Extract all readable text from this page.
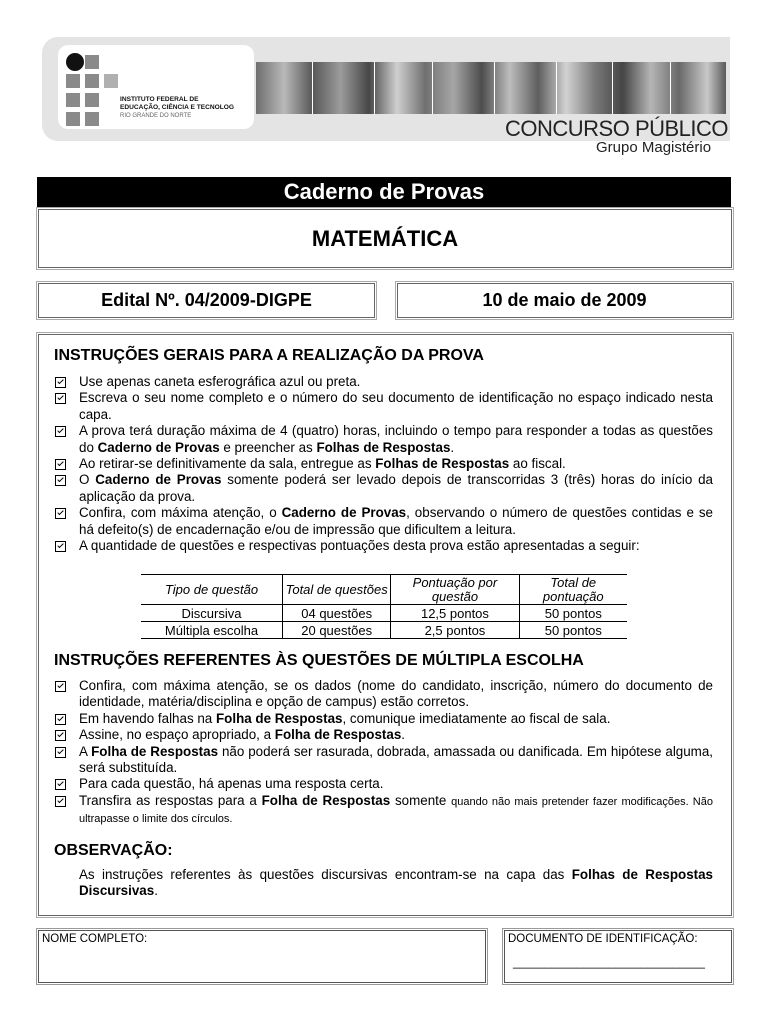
INSTITUTO FEDERAL DE
EDUCAÇÃO, CIÊNCIA E TECNOLOG
RIO GRANDE DO NORTE	CONCURSO PÚBLICO
Grupo Magistério
Caderno de Provas
MATEMÁTICA
Edital Nº. 04/2009-DIGPE	10 de maio de 2009
INSTRUÇÕES GERAIS PARA A REALIZAÇÃO DA PROVA
Use apenas caneta esferográfica azul ou preta.
Escreva o seu nome completo e o número do seu documento de identificação no espaço indicado nesta capa.
A prova terá duração máxima de 4 (quatro) horas, incluindo o tempo para responder a todas as questões do Caderno de Provas e preencher as Folhas de Respostas.
Ao retirar-se definitivamente da sala, entregue as Folhas de Respostas ao fiscal.
O Caderno de Provas somente poderá ser levado depois de transcorridas 3 (três) horas do início da aplicação da prova.
Confira, com máxima atenção, o Caderno de Provas, observando o número de questões contidas e se há defeito(s) de encadernação e/ou de impressão que dificultem a leitura.
A quantidade de questões e respectivas pontuações desta prova estão apresentadas a seguir:
Tipo de questão	Total de questões	Pontuação por questão	Total de pontuação
Discursiva	04 questões	12,5 pontos	50 pontos
Múltipla escolha	20 questões	2,5 pontos	50 pontos
INSTRUÇÕES REFERENTES ÀS QUESTÕES DE MÚLTIPLA ESCOLHA
Confira, com máxima atenção, se os dados (nome do candidato, inscrição, número do documento de identidade, matéria/disciplina e opção de campus) estão corretos.
Em havendo falhas na Folha de Respostas, comunique imediatamente ao fiscal de sala.
Assine, no espaço apropriado, a Folha de Respostas.
A Folha de Respostas não poderá ser rasurada, dobrada, amassada ou danificada. Em hipótese alguma, será substituída.
Para cada questão, há apenas uma resposta certa.
Transfira as respostas para a Folha de Respostas somente quando não mais pretender fazer modificações. Não ultrapasse o limite dos círculos.
OBSERVAÇÃO:

As instruções referentes às questões discursivas encontram-se na capa das Folhas de Respostas Discursivas.

NOME COMPLETO:	DOCUMENTO DE IDENTIFICAÇÃO:
______________________________
